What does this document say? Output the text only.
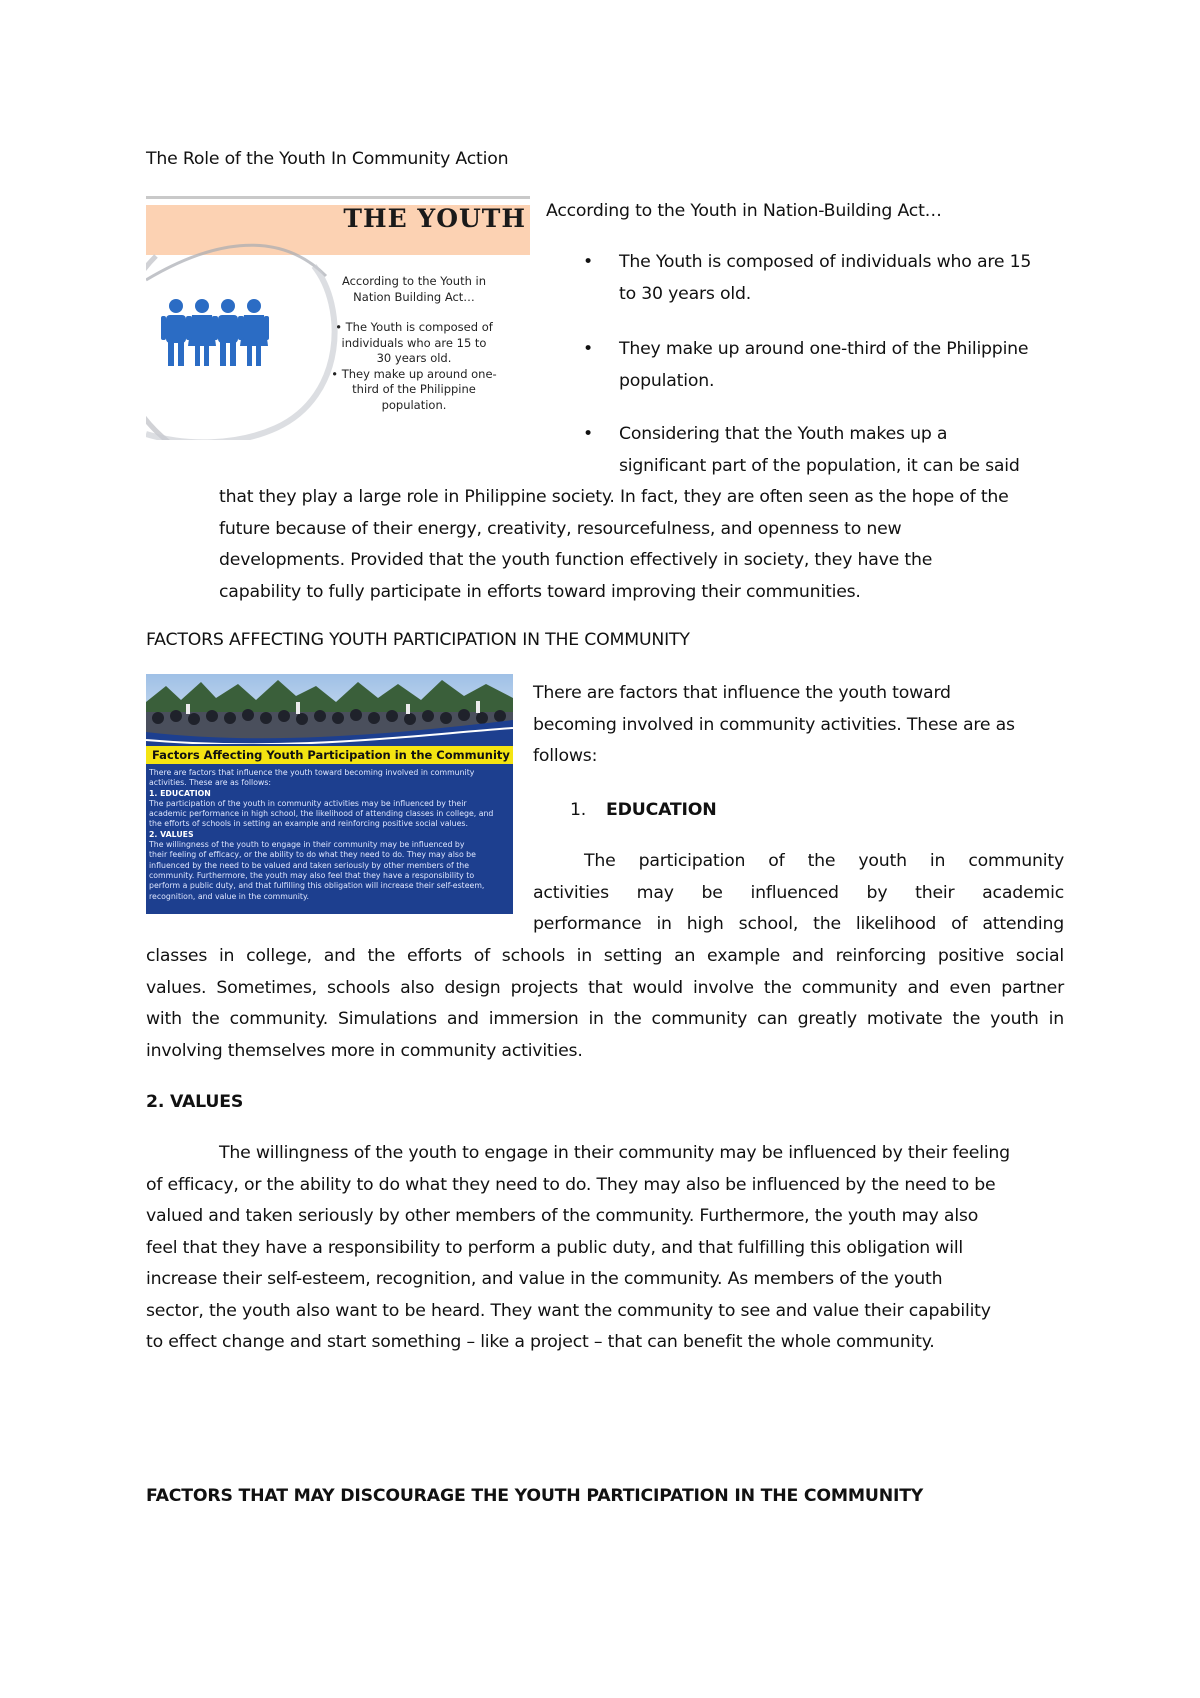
The Role of the Youth In Community Action
THE YOUTH
According to the Youth in
Nation Building Act…
• The Youth is composed of
individuals who are 15 to
30 years old.
• They make up around one-
third of the Philippine
population.
According to the Youth in Nation-Building Act…
• The Youth is composed of individuals who are 15
to 30 years old.
• They make up around one-third of the Philippine
population.
• Considering that the Youth makes up a
significant part of the population, it can be said
that they play a large role in Philippine society. In fact, they are often seen as the hope of the
future because of their energy, creativity, resourcefulness, and openness to new
developments. Provided that the youth function effectively in society, they have the
capability to fully participate in efforts toward improving their communities.
FACTORS AFFECTING YOUTH PARTICIPATION IN THE COMMUNITY
Factors Affecting Youth Participation in the Community
There are factors that influence the youth toward becoming involved in community
activities. These are as follows:
1. EDUCATION
The participation of the youth in community activities may be influenced by their
academic performance in high school, the likelihood of attending classes in college, and
the efforts of schools in setting an example and reinforcing positive social values.
2. VALUES
The willingness of the youth to engage in their community may be influenced by
their feeling of efficacy, or the ability to do what they need to do. They may also be
influenced by the need to be valued and taken seriously by other members of the
community. Furthermore, the youth may also feel that they have a responsibility to
perform a public duty, and that fulfilling this obligation will increase their self-esteem,
recognition, and value in the community.
There are factors that influence the youth toward
becoming involved in community activities. These are as
follows:
1. EDUCATION
The participation of the youth in community
activities may be influenced by their academic
performance in high school, the likelihood of attending
classes in college, and the efforts of schools in setting an example and reinforcing positive social
values. Sometimes, schools also design projects that would involve the community and even partner
with the community. Simulations and immersion in the community can greatly motivate the youth in
involving themselves more in community activities.
2. VALUES
The willingness of the youth to engage in their community may be influenced by their feeling
of efficacy, or the ability to do what they need to do. They may also be influenced by the need to be
valued and taken seriously by other members of the community. Furthermore, the youth may also
feel that they have a responsibility to perform a public duty, and that fulfilling this obligation will
increase their self-esteem, recognition, and value in the community. As members of the youth
sector, the youth also want to be heard. They want the community to see and value their capability
to effect change and start something – like a project – that can benefit the whole community.
FACTORS THAT MAY DISCOURAGE THE YOUTH PARTICIPATION IN THE COMMUNITY
